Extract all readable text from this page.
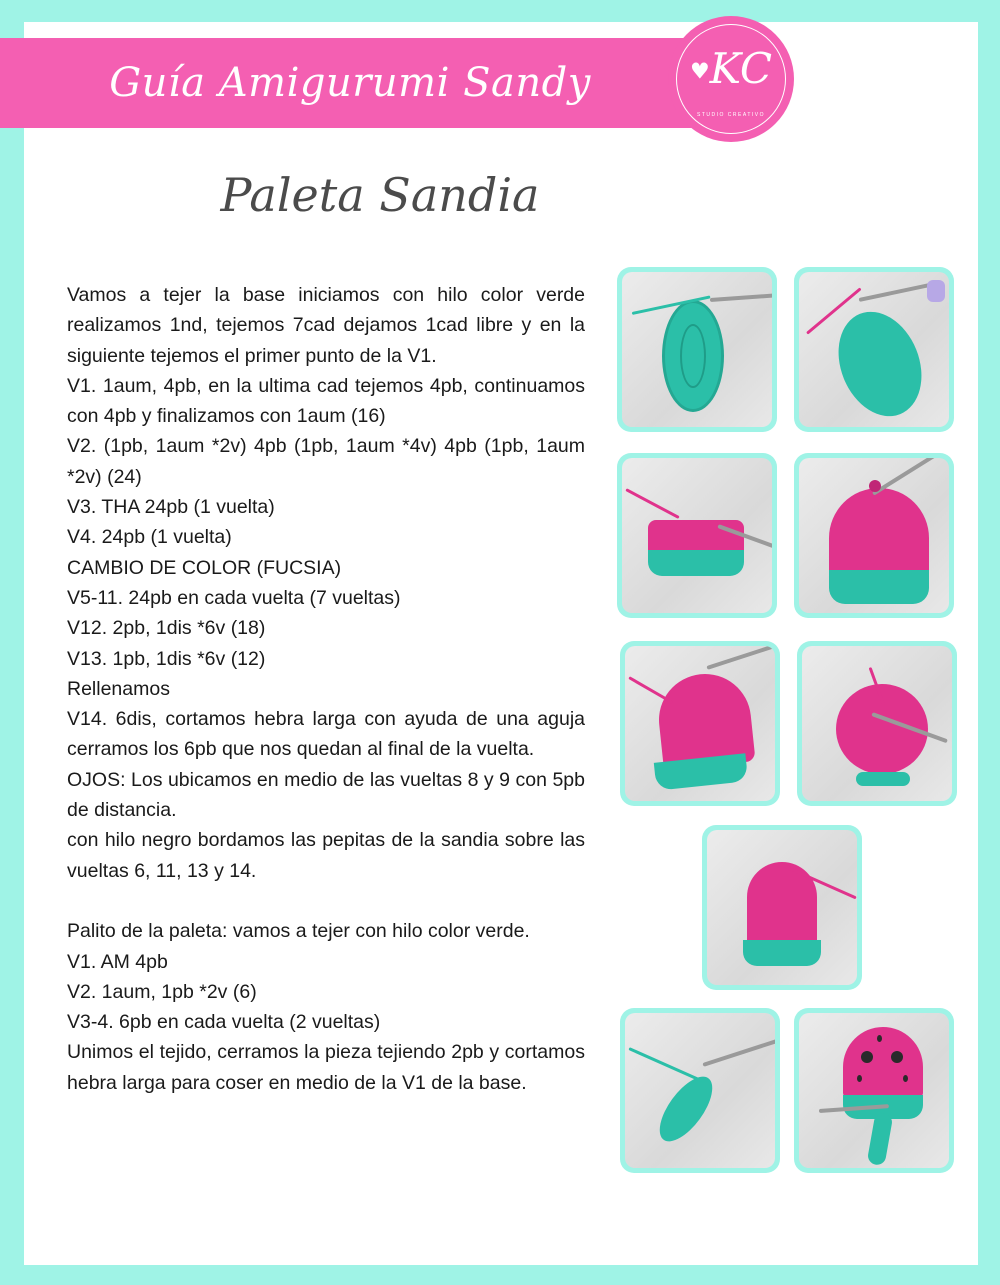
Guía Amigurumi Sandy	♥KC
STUDIO CREATIVO
Paleta Sandia
Vamos a tejer la base iniciamos con hilo color verde realizamos 1nd, tejemos 7cad dejamos 1cad libre y en la siguiente tejemos el primer punto de la V1.
V1. 1aum, 4pb, en la ultima cad tejemos 4pb, continuamos con 4pb y finalizamos con 1aum (16)
V2. (1pb, 1aum *2v) 4pb (1pb, 1aum *4v) 4pb (1pb, 1aum *2v) (24)
V3. THA 24pb (1 vuelta)
V4. 24pb (1 vuelta)
CAMBIO DE COLOR (FUCSIA)
V5-11. 24pb en cada vuelta (7 vueltas)
V12. 2pb, 1dis *6v (18)
V13. 1pb, 1dis *6v (12)
Rellenamos
V14. 6dis, cortamos hebra larga con ayuda de una aguja cerramos los 6pb que nos quedan al final de la vuelta.
OJOS: Los ubicamos en medio de las vueltas 8 y 9 con 5pb de distancia.
con hilo negro bordamos las pepitas de la sandia sobre las vueltas 6, 11, 13 y 14.
Palito de la paleta: vamos a tejer con hilo color verde.
V1. AM 4pb
V2. 1aum, 1pb *2v (6)
V3-4. 6pb en cada vuelta (2 vueltas)
Unimos el tejido, cerramos la pieza tejiendo 2pb y cortamos hebra larga para coser en medio de la V1 de la base.
